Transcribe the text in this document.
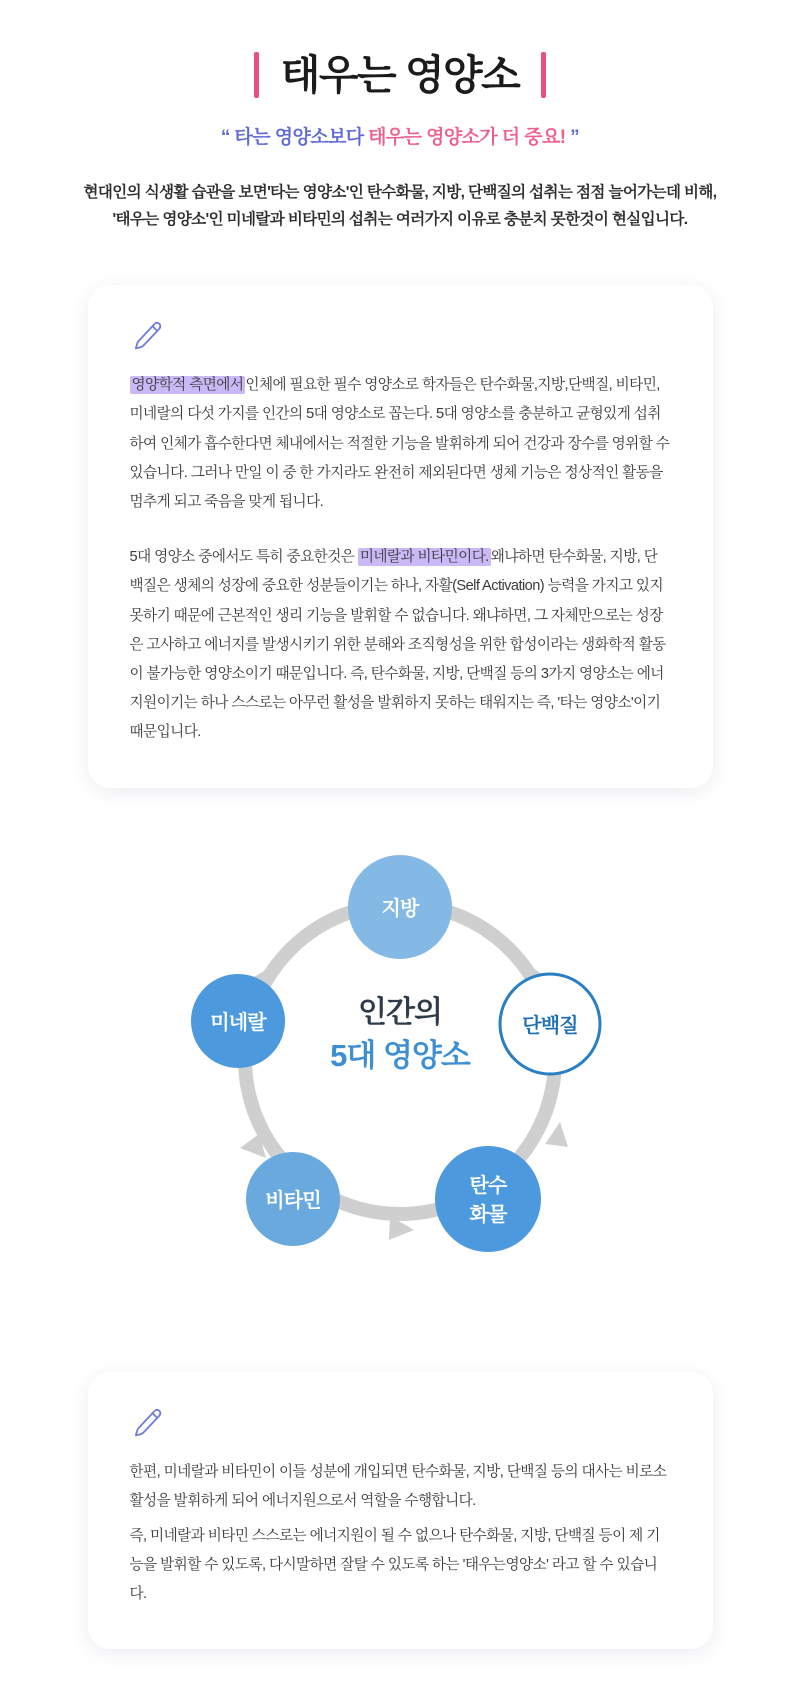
태우는 영양소
“ 타는 영양소보다 태우는 영양소가 더 중요! ”
현대인의 식생활 습관을 보면'타는 영양소'인 탄수화물, 지방, 단백질의 섭취는 점점 늘어가는데 비해,
'태우는 영양소'인 미네랄과 비타민의 섭취는 여러가지 이유로 충분치 못한것이 현실입니다.

영양학적 측면에서 인체에 필요한 필수 영양소로 학자들은 탄수화물,지방,단백질, 비타민,미네랄의 다섯 가지를 인간의 5대 영양소로 꼽는다. 5대 영양소를 충분하고 균형있게 섭취하여 인체가 흡수한다면 체내에서는 적절한 기능을 발휘하게 되어 건강과 장수를 영위할 수 있습니다. 그러나 만일 이 중 한 가지라도 완전히 제외된다면 생체 기능은 정상적인 활동을 멈추게 되고 죽음을 맞게 됩니다.

5대 영양소 중에서도 특히 중요한것은 미네랄과 비타민이다. 왜냐하면 탄수화물, 지방, 단백질은 생체의 성장에 중요한 성분들이기는 하나, 자활(Self Activation) 능력을 가지고 있지 못하기 때문에 근본적인 생리 기능을 발휘할 수 없습니다. 왜냐하면, 그 자체만으로는 성장은 고사하고 에너지를 발생시키기 위한 분해와 조직형성을 위한 합성이라는 생화학적 활동이 불가능한 영양소이기 때문입니다. 즉, 탄수화물, 지방, 단백질 등의 3가지 영양소는 에너지원이기는 하나 스스로는 아무런 활성을 발휘하지 못하는 태워지는 즉, '타는 영양소'이기 때문입니다.

인간의
5대 영양소
지방
단백질
탄수
화물
비타민
미네랄

한편, 미네랄과 비타민이 이들 성분에 개입되면 탄수화물, 지방, 단백질 등의 대사는 비로소 활성을 발휘하게 되어 에너지원으로서 역할을 수행합니다.

즉, 미네랄과 비타민 스스로는 에너지원이 될 수 없으나 탄수화물, 지방, 단백질 등이 제 기능을 발휘할 수 있도록, 다시말하면 잘탈 수 있도록 하는 '태우는영양소' 라고 할 수 있습니다.
